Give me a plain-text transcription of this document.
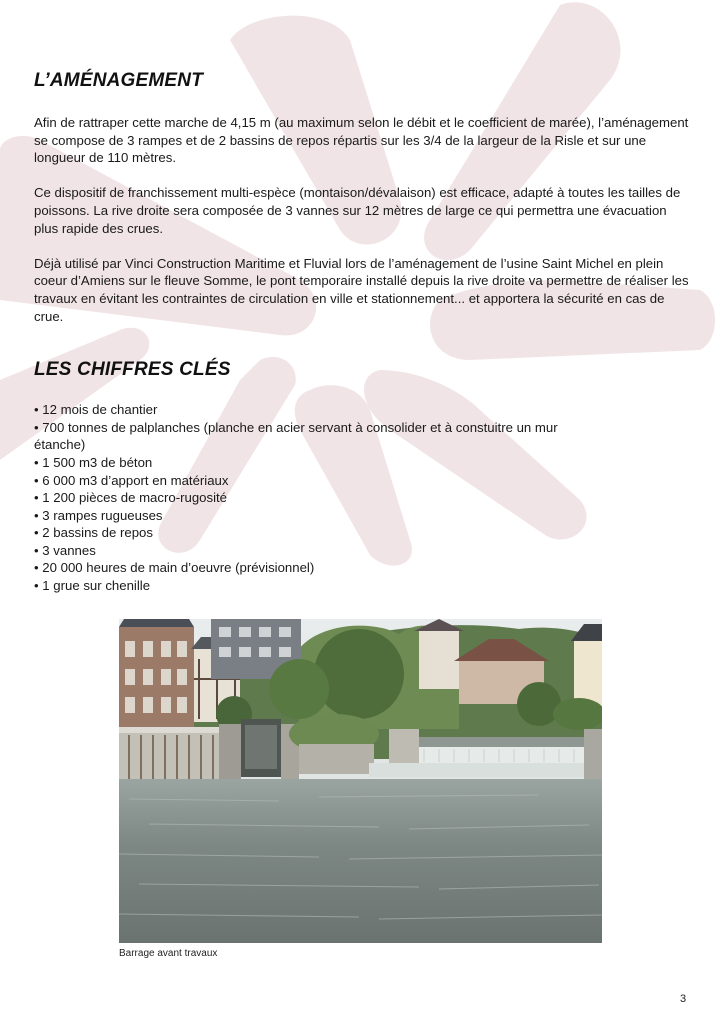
L’AMÉNAGEMENT

Afin de rattraper cette marche de 4,15 m (au maximum selon le débit et le coefficient de marée), l’aménagement se compose de 3 rampes et de 2 bassins de repos répartis sur les 3/4 de la largeur de la Risle et sur une longueur de 110 mètres.

Ce dispositif de franchissement multi-espèce (montaison/dévalaison) est efficace, adapté à toutes les tailles de poissons. La rive droite sera composée de 3 vannes sur 12 mètres de large ce qui permettra une évacuation plus rapide des crues.

Déjà utilisé par Vinci Construction Maritime et Fluvial lors de l’aménagement de l’usine Saint Michel en plein coeur d’Amiens sur le fleuve Somme, le pont temporaire installé depuis la rive droite va permettre de réaliser les travaux en évitant les contraintes de circulation en ville et stationnement... et apportera la sécurité en cas de crue.

LES CHIFFRES CLÉS
• 12 mois de chantier
• 700 tonnes de palplanches (planche en acier servant à consolider et à constuitre un mur étanche)
• 1 500 m3 de béton
• 6 000 m3 d’apport en matériaux
• 1 200 pièces de macro-rugosité
• 3 rampes rugueuses
• 2 bassins de repos
• 3 vannes
• 20 000 heures de main d’oeuvre (prévisionnel)
• 1 grue sur chenille
Barrage avant travaux
3
